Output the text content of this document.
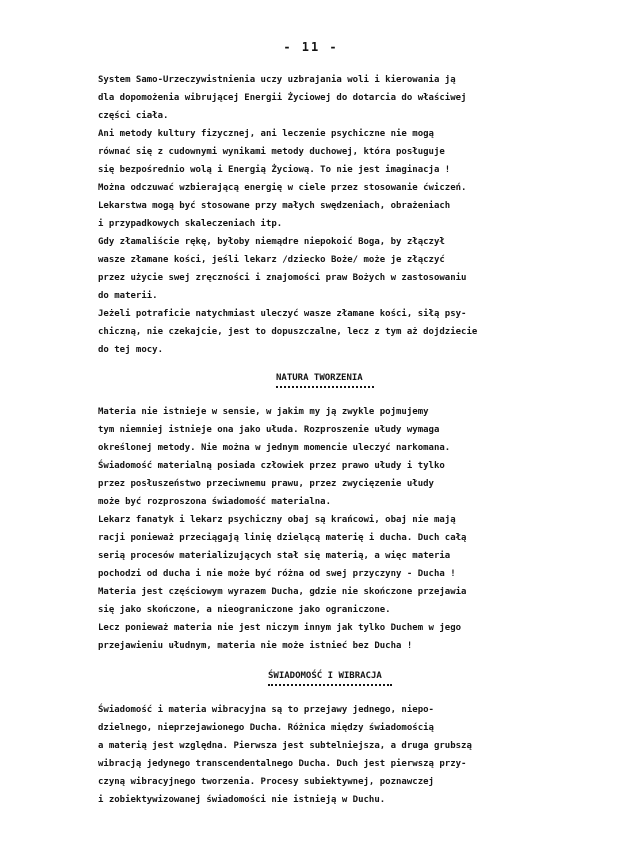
- 11 -
System Samo-Urzeczywistnienia uczy uzbrajania woli i kierowania ją
dla dopomożenia wibrującej Energii Życiowej do dotarcia do właściwej
części ciała.
Ani metody kultury fizycznej, ani leczenie psychiczne nie mogą
równać się z cudownymi wynikami metody duchowej, która posługuje
się bezpośrednio wolą i Energią Życiową. To nie jest imaginacja !
Można odczuwać wzbierającą energię w ciele przez stosowanie ćwiczeń.
Lekarstwa mogą być stosowane przy małych swędzeniach, obrażeniach
i przypadkowych skaleczeniach itp.
Gdy złamaliście rękę, byłoby niemądre niepokoić Boga, by złączył
wasze złamane kości, jeśli lekarz /dziecko Boże/ może je złączyć
przez użycie swej zręczności i znajomości praw Bożych w zastosowaniu
do materii.
Jeżeli potraficie natychmiast uleczyć wasze złamane kości, siłą psy-
chiczną, nie czekajcie, jest to dopuszczalne, lecz z tym aż dojdziecie
do tej mocy.
NATURA TWORZENIA
Materia nie istnieje w sensie, w jakim my ją zwykle pojmujemy
tym niemniej istnieje ona jako ułuda. Rozproszenie ułudy wymaga
określonej metody. Nie można w jednym momencie uleczyć narkomana.
Świadomość materialną posiada człowiek przez prawo ułudy i tylko
przez posłuszeństwo przeciwnemu prawu, przez zwycięzenie ułudy
może być rozproszona świadomość materialna.
Lekarz fanatyk i lekarz psychiczny obaj są krańcowi, obaj nie mają
racji ponieważ przeciągają linię dzielącą materię i ducha. Duch całą
serią procesów materializujących stał się materią, a więc materia
pochodzi od ducha i nie może być różna od swej przyczyny - Ducha !
Materia jest częściowym wyrazem Ducha, gdzie nie skończone przejawia
się jako skończone, a nieograniczone jako ograniczone.
Lecz ponieważ materia nie jest niczym innym jak tylko Duchem w jego
przejawieniu ułudnym, materia nie może istnieć bez Ducha !
ŚWIADOMOŚĆ I WIBRACJA
Świadomość i materia wibracyjna są to przejawy jednego, niepo-
dzielnego, nieprzejawionego Ducha. Różnica między świadomością
a materią jest względna. Pierwsza jest subtelniejsza, a druga grubszą
wibracją jedynego transcendentalnego Ducha. Duch jest pierwszą przy-
czyną wibracyjnego tworzenia. Procesy subiektywnej, poznawczej
i zobiektywizowanej świadomości nie istnieją w Duchu.
